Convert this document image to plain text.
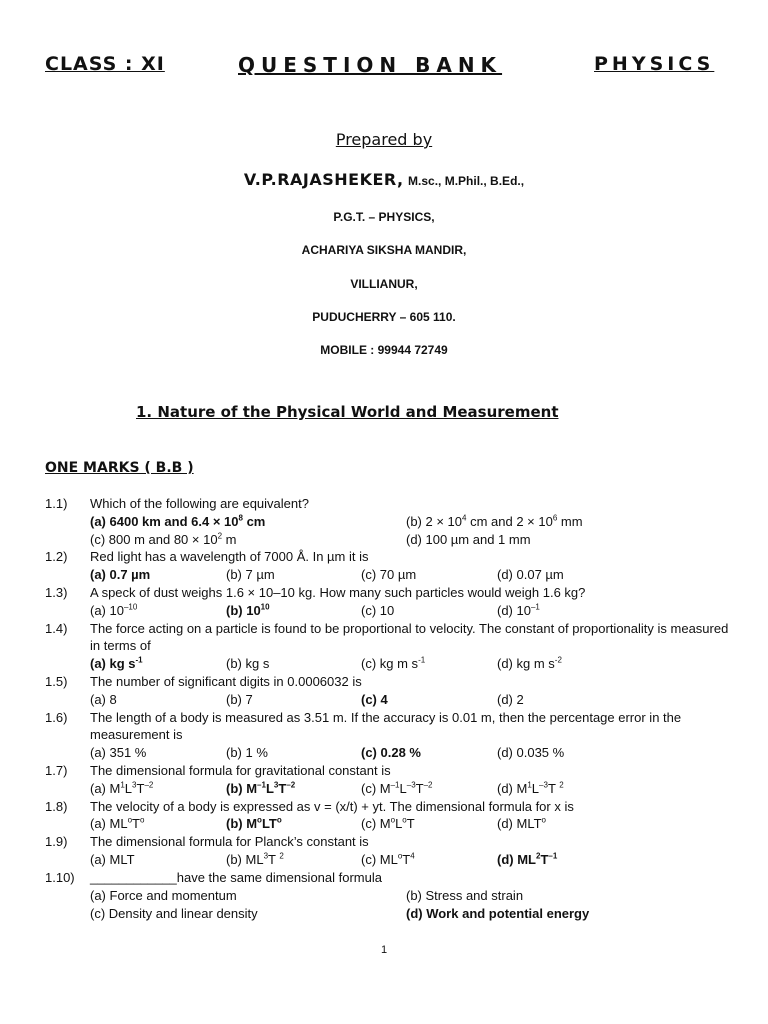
CLASS : XI	QUESTION BANK	PHYSICS
Prepared by
V.P.RAJASHEKER, M.sc., M.Phil., B.Ed.,
P.G.T. – PHYSICS,
ACHARIYA SIKSHA MANDIR,
VILLIANUR,
PUDUCHERRY – 605 110.
MOBILE : 99944 72749
1. Nature of the Physical World and Measurement
ONE MARKS ( B.B )
1.1) Which of the following are equivalent?
(a) 6400 km and $6.4 \times 10^8$ cm	(b) $2 \times 10^4$ cm and $2 \times 10^6$ mm
(c) 800 m and $80 \times 10^2$ m	(d) 100 µm and 1 mm
1.2) Red light has a wavelength of 7000 Å. In µm it is
(a) 0.7 µm	(b) 7 µm	(c) 70 µm	(d) 0.07 µm
1.3) A speck of dust weighs 1.6 × 10–10 kg. How many such particles would weigh 1.6 kg?
(a) $10^{-10}$	(b) $10^{10}$	(c) 10	(d) $10^{-1}$
1.4) The force acting on a particle is found to be proportional to velocity. The constant of proportionality is measured
in terms of
(a) kg $s^{-1}$	(b) kg s	(c) kg m $s^{-1}$	(d) kg m $s^{-2}$
1.5) The number of significant digits in 0.0006032 is
(a) 8	(b) 7	(c) 4	(d) 2
1.6) The length of a body is measured as 3.51 m. If the accuracy is 0.01 m, then the percentage error in the
measurement is
(a) 351 %	(b) 1 %	(c) 0.28 %	(d) 0.035 %
1.7) The dimensional formula for gravitational constant is
(a) $M^1L^3T^{-2}$	(b) $M^{-1}L^3T^{-2}$	(c) $M^{-1}L^{-3}T^{-2}$	(d) $M^1L^{-3}T$ $^2$
1.8) The velocity of a body is expressed as v = (x/t) + yt. The dimensional formula for x is
(a) $ML^oT^o$	(b) $M^oLT^o$	(c) $M^oL^oT$	(d) MLT$^o$
1.9) The dimensional formula for Planck’s constant is
(a) MLT	(b) $ML^3T$ $^2$	(c) $ML^oT^4$	(d) $ML^2T^{-1}$
1.10) ____________have the same dimensional formula
(a) Force and momentum	(b) Stress and strain
(c) Density and linear density	(d) Work and potential energy
1
